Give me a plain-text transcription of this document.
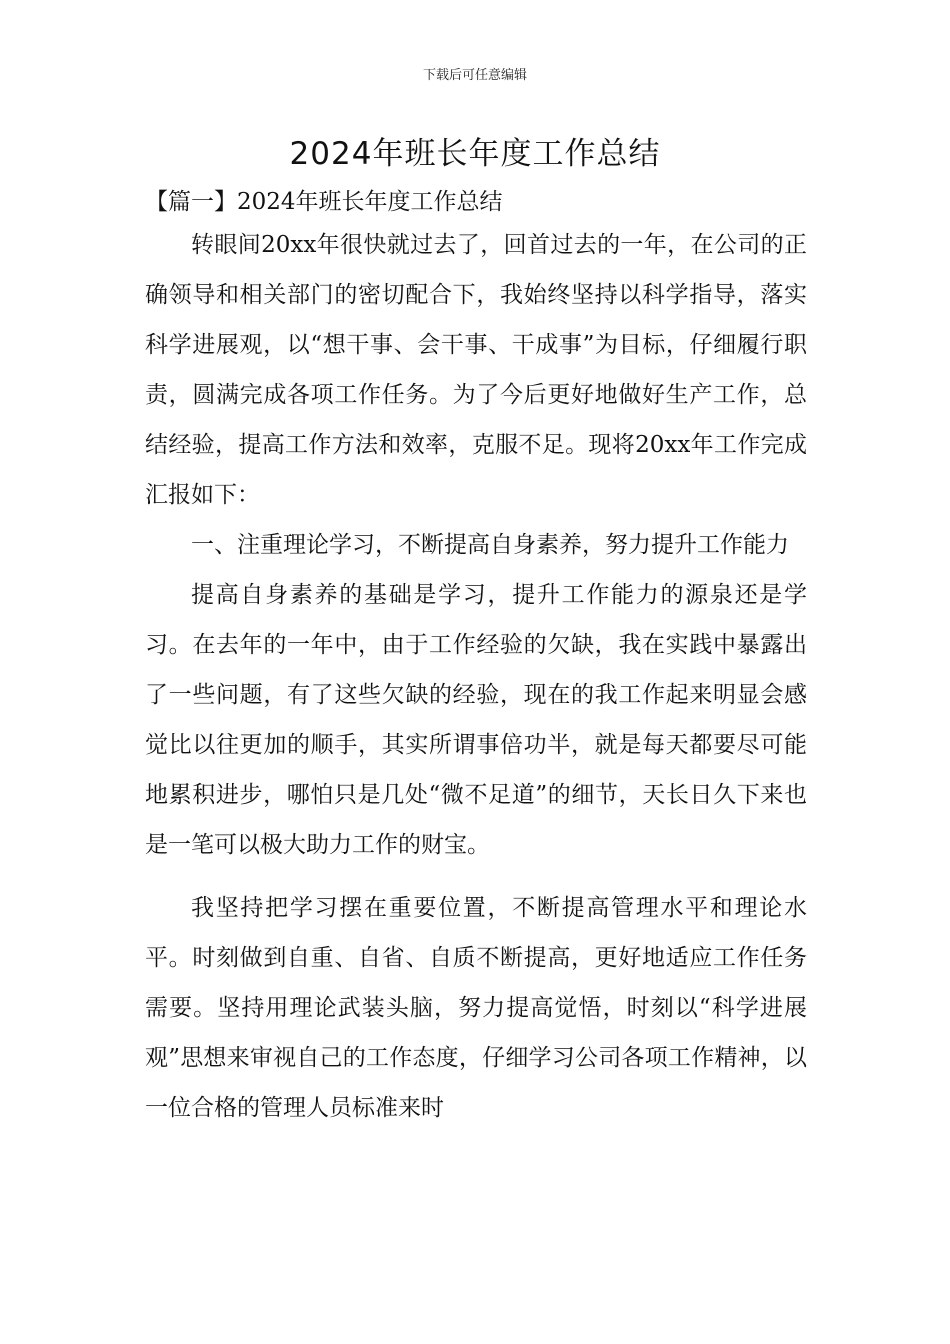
下载后可任意编辑
2024年班长年度工作总结
【篇一】2024年班长年度工作总结

转眼间20xx年很快就过去了，回首过去的一年，在公司的正确领导和相关部门的密切配合下，我始终坚持以科学指导，落实科学进展观，以“想干事、会干事、干成事”为目标，仔细履行职责，圆满完成各项工作任务。为了今后更好地做好生产工作，总结经验，提高工作方法和效率，克服不足。现将20xx年工作完成汇报如下：

一、注重理论学习，不断提高自身素养，努力提升工作能力

提高自身素养的基础是学习，提升工作能力的源泉还是学习。在去年的一年中，由于工作经验的欠缺，我在实践中暴露出了一些问题，有了这些欠缺的经验，现在的我工作起来明显会感觉比以往更加的顺手，其实所谓事倍功半，就是每天都要尽可能地累积进步，哪怕只是几处“微不足道”的细节，天长日久下来也是一笔可以极大助力工作的财宝。

我坚持把学习摆在重要位置，不断提高管理水平和理论水平。时刻做到自重、自省、自质不断提高，更好地适应工作任务需要。坚持用理论武装头脑，努力提高觉悟，时刻以“科学进展观”思想来审视自己的工作态度，仔细学习公司各项工作精神，以一位合格的管理人员标准来时
